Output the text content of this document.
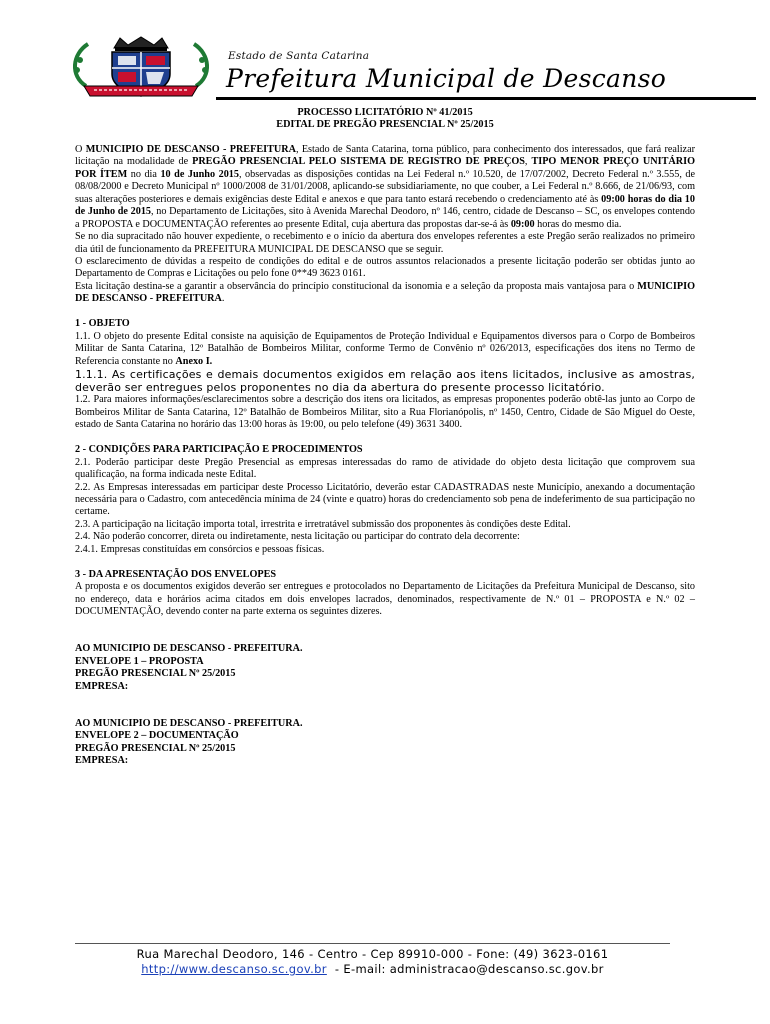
Estado de Santa Catarina
Prefeitura Municipal de Descanso
PROCESSO LICITATÓRIO Nº 41/2015
EDITAL DE PREGÃO PRESENCIAL Nº 25/2015

O MUNICIPIO DE DESCANSO - PREFEITURA, Estado de Santa Catarina, torna público, para conhecimento dos interessados, que fará realizar licitação na modalidade de PREGÃO PRESENCIAL PELO SISTEMA DE REGISTRO DE PREÇOS, TIPO MENOR PREÇO UNITÁRIO POR ÍTEM no dia 10 de Junho 2015, observadas as disposições contidas na Lei Federal n.º 10.520, de 17/07/2002, Decreto Federal n.º 3.555, de 08/08/2000 e Decreto Municipal nº 1000/2008 de 31/01/2008, aplicando-se subsidiariamente, no que couber, a Lei Federal n.º 8.666, de 21/06/93, com suas alterações posteriores e demais exigências deste Edital e anexos e que para tanto estará recebendo o credenciamento até às 09:00 horas do dia 10 de Junho de 2015, no Departamento de Licitações, sito à Avenida Marechal Deodoro, nº 146, centro, cidade de Descanso – SC, os envelopes contendo a PROPOSTA e DOCUMENTAÇÃO referentes ao presente Edital, cuja abertura das propostas dar-se-á às 09:00 horas do mesmo dia.

Se no dia supracitado não houver expediente, o recebimento e o início da abertura dos envelopes referentes a este Pregão serão realizados no primeiro dia útil de funcionamento da PREFEITURA MUNICIPAL DE DESCANSO que se seguir.

O esclarecimento de dúvidas a respeito de condições do edital e de outros assuntos relacionados a presente licitação poderão ser obtidas junto ao Departamento de Compras e Licitações ou pelo fone 0**49 3623 0161.

Esta licitação destina-se a garantir a observância do princípio constitucional da isonomia e a seleção da proposta mais vantajosa para o MUNICIPIO DE DESCANSO - PREFEITURA.

1 - OBJETO

1.1. O objeto do presente Edital consiste na aquisição de Equipamentos de Proteção Individual e Equipamentos diversos para o Corpo de Bombeiros Militar de Santa Catarina, 12º Batalhão de Bombeiros Militar, conforme Termo de Convênio nº 026/2013, especificações dos itens no Termo de Referencia constante no Anexo I.

1.1.1. As certificações e demais documentos exigidos em relação aos itens licitados, inclusive as amostras, deverão ser entregues pelos proponentes no dia da abertura do presente processo licitatório.

1.2. Para maiores informações/esclarecimentos sobre a descrição dos itens ora licitados, as empresas proponentes poderão obtê-las junto ao Corpo de Bombeiros Militar de Santa Catarina, 12º Batalhão de Bombeiros Militar, sito a Rua Florianópolis, nº 1450, Centro, Cidade de São Miguel do Oeste, estado de Santa Catarina no horário das 13:00 horas às 19:00, ou pelo telefone (49) 3631 3400.

2 - CONDIÇÕES PARA PARTICIPAÇÃO E PROCEDIMENTOS

2.1. Poderão participar deste Pregão Presencial as empresas interessadas do ramo de atividade do objeto desta licitação que comprovem sua qualificação, na forma indicada neste Edital.

2.2. As Empresas interessadas em participar deste Processo Licitatório, deverão estar CADASTRADAS neste Município, anexando a documentação necessária para o Cadastro, com antecedência mínima de 24 (vinte e quatro) horas do credenciamento sob pena de indeferimento de sua participação no certame.

2.3. A participação na licitação importa total, irrestrita e irretratável submissão dos proponentes às condições deste Edital.

2.4. Não poderão concorrer, direta ou indiretamente, nesta licitação ou participar do contrato dela decorrente:

2.4.1. Empresas constituídas em consórcios e pessoas físicas.

3 - DA APRESENTAÇÃO DOS ENVELOPES

A proposta e os documentos exigidos deverão ser entregues e protocolados no Departamento de Licitações da Prefeitura Municipal de Descanso, sito no endereço, data e horários acima citados em dois envelopes lacrados, denominados, respectivamente de N.º 01 – PROPOSTA e N.º 02 – DOCUMENTAÇÃO, devendo conter na parte externa os seguintes dizeres.

AO MUNICIPIO DE DESCANSO - PREFEITURA.

ENVELOPE 1 – PROPOSTA

PREGÃO PRESENCIAL Nº 25/2015

EMPRESA:

AO MUNICIPIO DE DESCANSO - PREFEITURA.

ENVELOPE 2 – DOCUMENTAÇÃO

PREGÃO PRESENCIAL Nº 25/2015

EMPRESA:

Rua Marechal Deodoro, 146 - Centro - Cep 89910-000 - Fone: (49) 3623-0161
http://www.descanso.sc.gov.br  - E-mail: administracao@descanso.sc.gov.br
